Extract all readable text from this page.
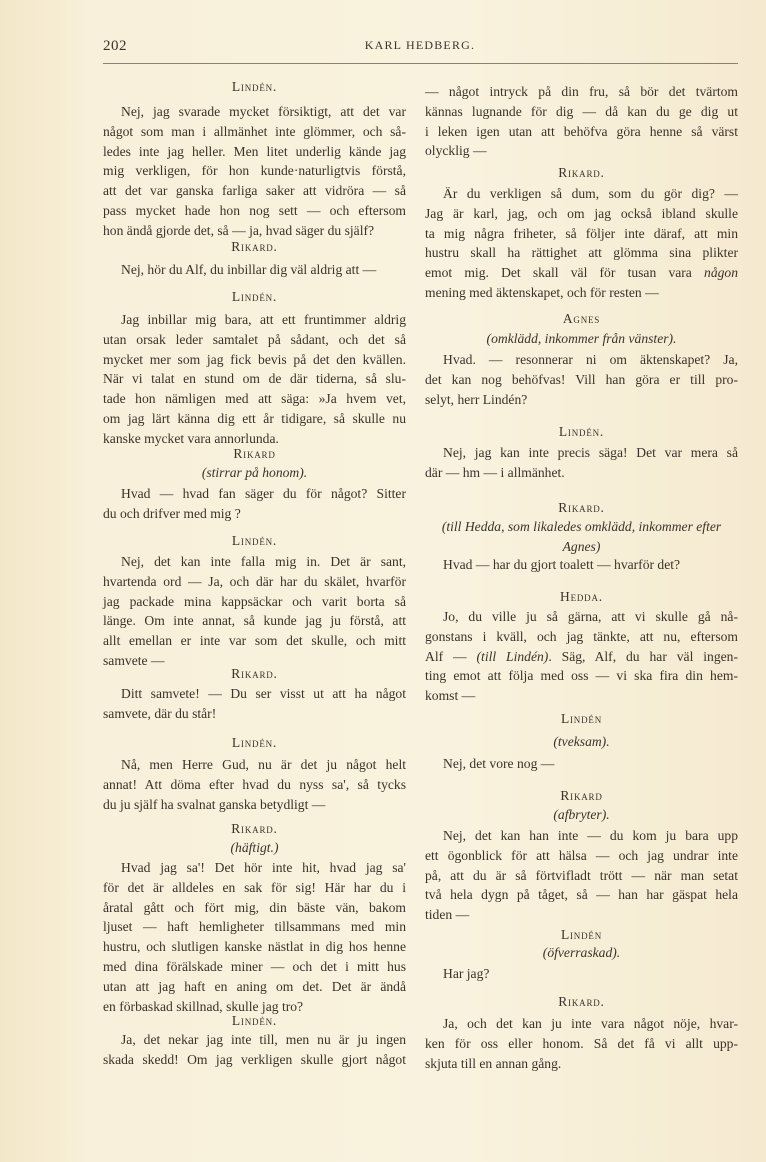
202	KARL HEDBERG.
Lindén.
Nej, jag svarade mycket försiktigt, att det var
något som man i allmänhet inte glömmer, och så-
ledes inte jag heller. Men litet underlig kände jag
mig verkligen, för hon kunde·naturligtvis förstå,
att det var ganska farliga saker att vidröra — så
pass mycket hade hon nog sett — och eftersom
hon ändå gjorde det, så — ja, hvad säger du själf?
Rikard.
Nej, hör du Alf, du inbillar dig väl aldrig att —
Lindén.
Jag inbillar mig bara, att ett fruntimmer aldrig
utan orsak leder samtalet på sådant, och det så
mycket mer som jag fick bevis på det den kvällen.
När vi talat en stund om de där tiderna, så slu-
tade hon nämligen med att säga: »Ja hvem vet,
om jag lärt känna dig ett år tidigare, så skulle nu
kanske mycket vara annorlunda.
Rikard
(stirrar på honom).
Hvad — hvad fan säger du för något? Sitter
du och drifver med mig ?
Lindén.
Nej, det kan inte falla mig in. Det är sant,
hvartenda ord — Ja, och där har du skälet, hvarför
jag packade mina kappsäckar och varit borta så
länge. Om inte annat, så kunde jag ju förstå, att
allt emellan er inte var som det skulle, och mitt
samvete —
Rikard.
Ditt samvete! — Du ser visst ut att ha något
samvete, där du står!
Lindén.
Nå, men Herre Gud, nu är det ju något helt
annat! Att döma efter hvad du nyss sa', så tycks
du ju själf ha svalnat ganska betydligt —
Rikard.
(häftigt.)
Hvad jag sa'! Det hör inte hit, hvad jag sa'
för det är alldeles en sak för sig! Här har du i
åratal gått och fört mig, din bäste vän, bakom
ljuset — haft hemligheter tillsammans med min
hustru, och slutligen kanske nästlat in dig hos henne
med dina förälskade miner — och det i mitt hus
utan att jag haft en aning om det. Det är ändå
en förbaskad skillnad, skulle jag tro?
Lindén.
Ja, det nekar jag inte till, men nu är ju ingen
skada skedd! Om jag verkligen skulle gjort något
— något intryck på din fru, så bör det tvärtom
kännas lugnande för dig — då kan du ge dig ut
i leken igen utan att behöfva göra henne så värst
olycklig —
Rikard.
Är du verkligen så dum, som du gör dig? —
Jag är karl, jag, och om jag också ibland skulle
ta mig några friheter, så följer inte däraf, att min
hustru skall ha rättighet att glömma sina plikter
emot mig. Det skall väl för tusan vara någon
mening med äktenskapet, och för resten —
Agnes
(omklädd, inkommer från vänster).
Hvad. — resonnerar ni om äktenskapet? Ja,
det kan nog behöfvas! Vill han göra er till pro-
selyt, herr Lindén?
Lindén.
Nej, jag kan inte precis säga! Det var mera så
där — hm — i allmänhet.
Rikard.
(till Hedda, som likaledes omklädd, inkommer efter
Agnes)
Hvad — har du gjort toalett — hvarför det?
Hedda.
Jo, du ville ju så gärna, att vi skulle gå nå-
gonstans i kväll, och jag tänkte, att nu, eftersom
Alf — (till Lindén). Säg, Alf, du har väl ingen-
ting emot att följa med oss — vi ska fira din hem-
komst —
Lindén
(tveksam).
Nej, det vore nog —
Rikard
(afbryter).
Nej, det kan han inte — du kom ju bara upp
ett ögonblick för att hälsa — och jag undrar inte
på, att du är så förtvifladt trött — när man setat
två hela dygn på tåget, så — han har gäspat hela
tiden —
Lindén
(öfverraskad).
Har jag?
Rikard.
Ja, och det kan ju inte vara något nöje, hvar-
ken för oss eller honom. Så det få vi allt upp-
skjuta till en annan gång.
